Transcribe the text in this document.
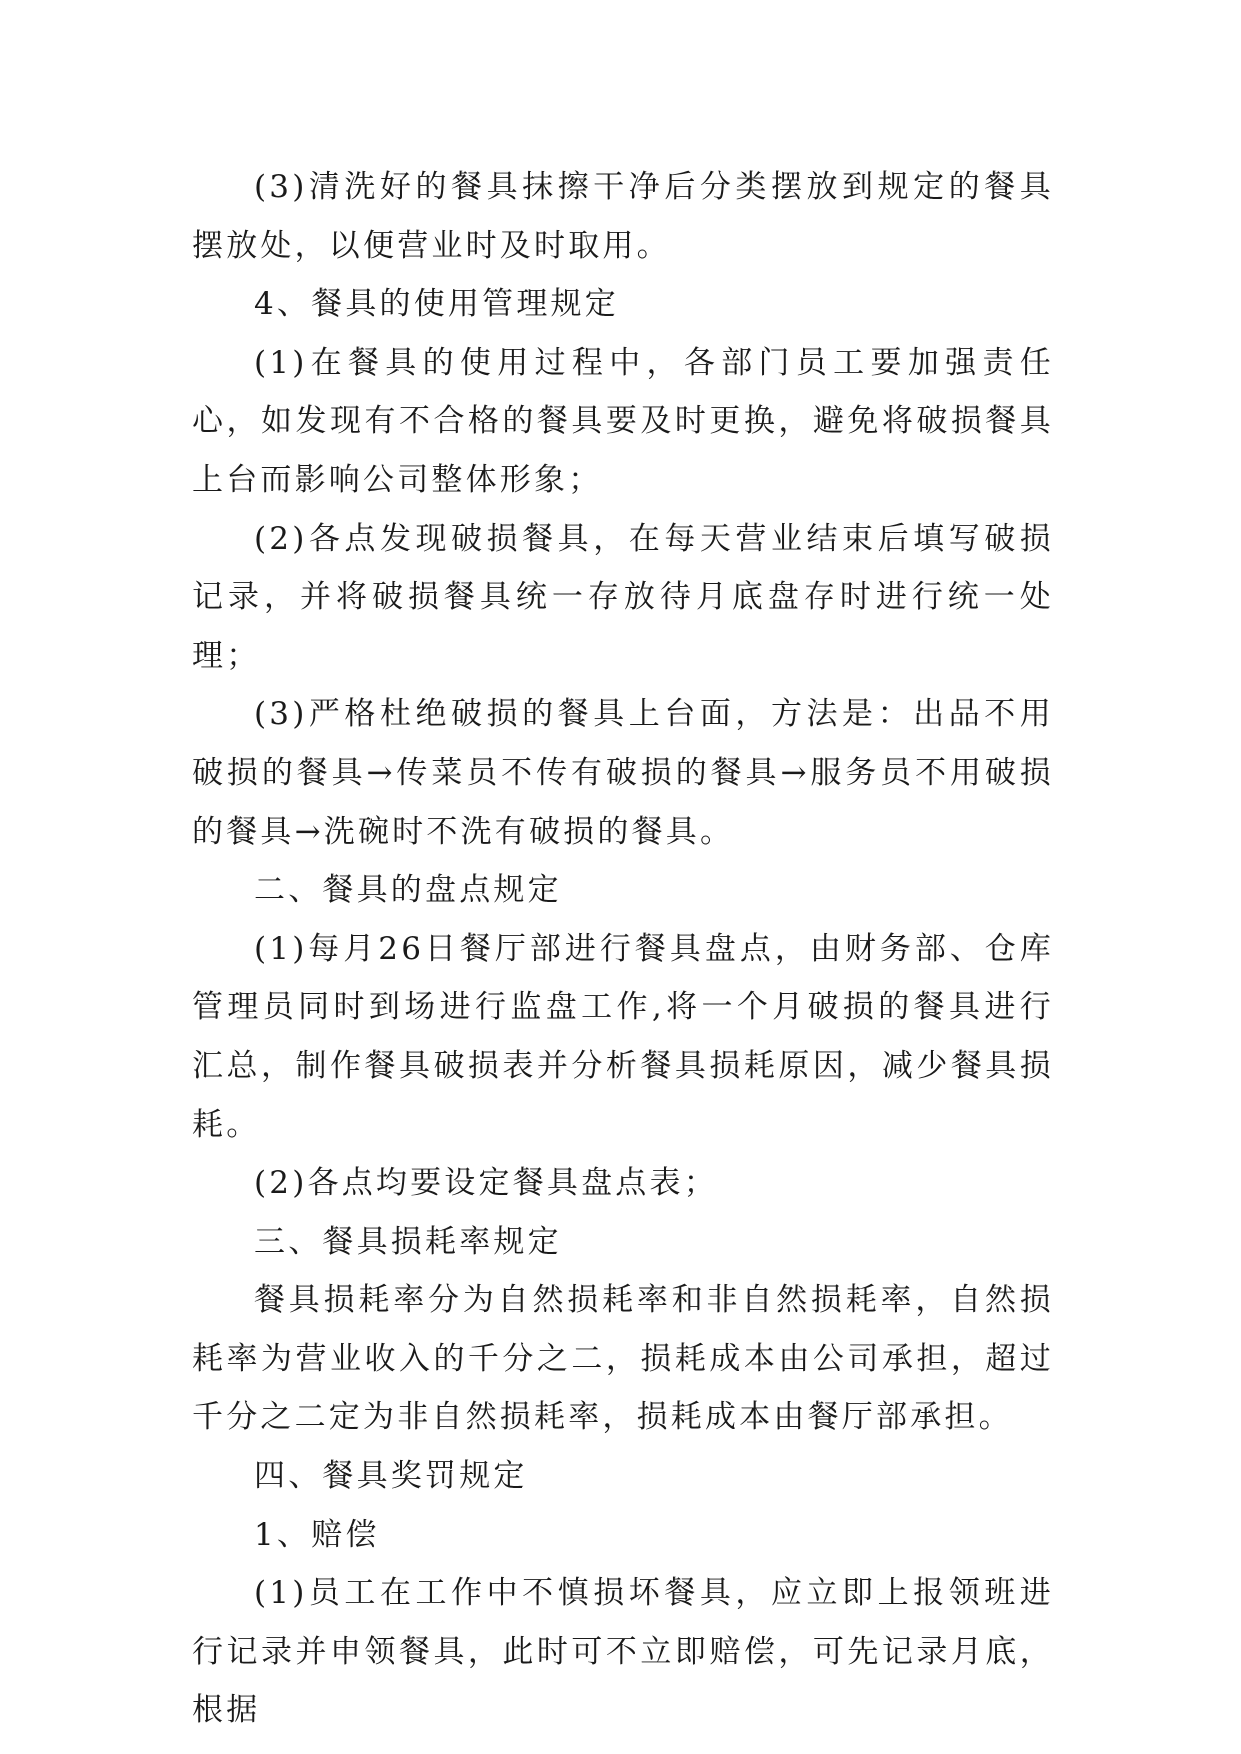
(3)清洗好的餐具抹擦干净后分类摆放到规定的餐具摆放处，以便营业时及时取用。

4、餐具的使用管理规定

(1)在餐具的使用过程中，各部门员工要加强责任心，如发现有不合格的餐具要及时更换，避免将破损餐具上台而影响公司整体形象；

(2)各点发现破损餐具，在每天营业结束后填写破损记录，并将破损餐具统一存放待月底盘存时进行统一处理；

(3)严格杜绝破损的餐具上台面，方法是：出品不用破损的餐具→传菜员不传有破损的餐具→服务员不用破损的餐具→洗碗时不洗有破损的餐具。

二、餐具的盘点规定

(1)每月26日餐厅部进行餐具盘点，由财务部、仓库管理员同时到场进行监盘工作,将一个月破损的餐具进行汇总，制作餐具破损表并分析餐具损耗原因，减少餐具损耗。

(2)各点均要设定餐具盘点表；

三、餐具损耗率规定

餐具损耗率分为自然损耗率和非自然损耗率，自然损耗率为营业收入的千分之二，损耗成本由公司承担，超过千分之二定为非自然损耗率，损耗成本由餐厅部承担。

四、餐具奖罚规定

1、赔偿

(1)员工在工作中不慎损坏餐具，应立即上报领班进行记录并申领餐具，此时可不立即赔偿，可先记录月底，根据
